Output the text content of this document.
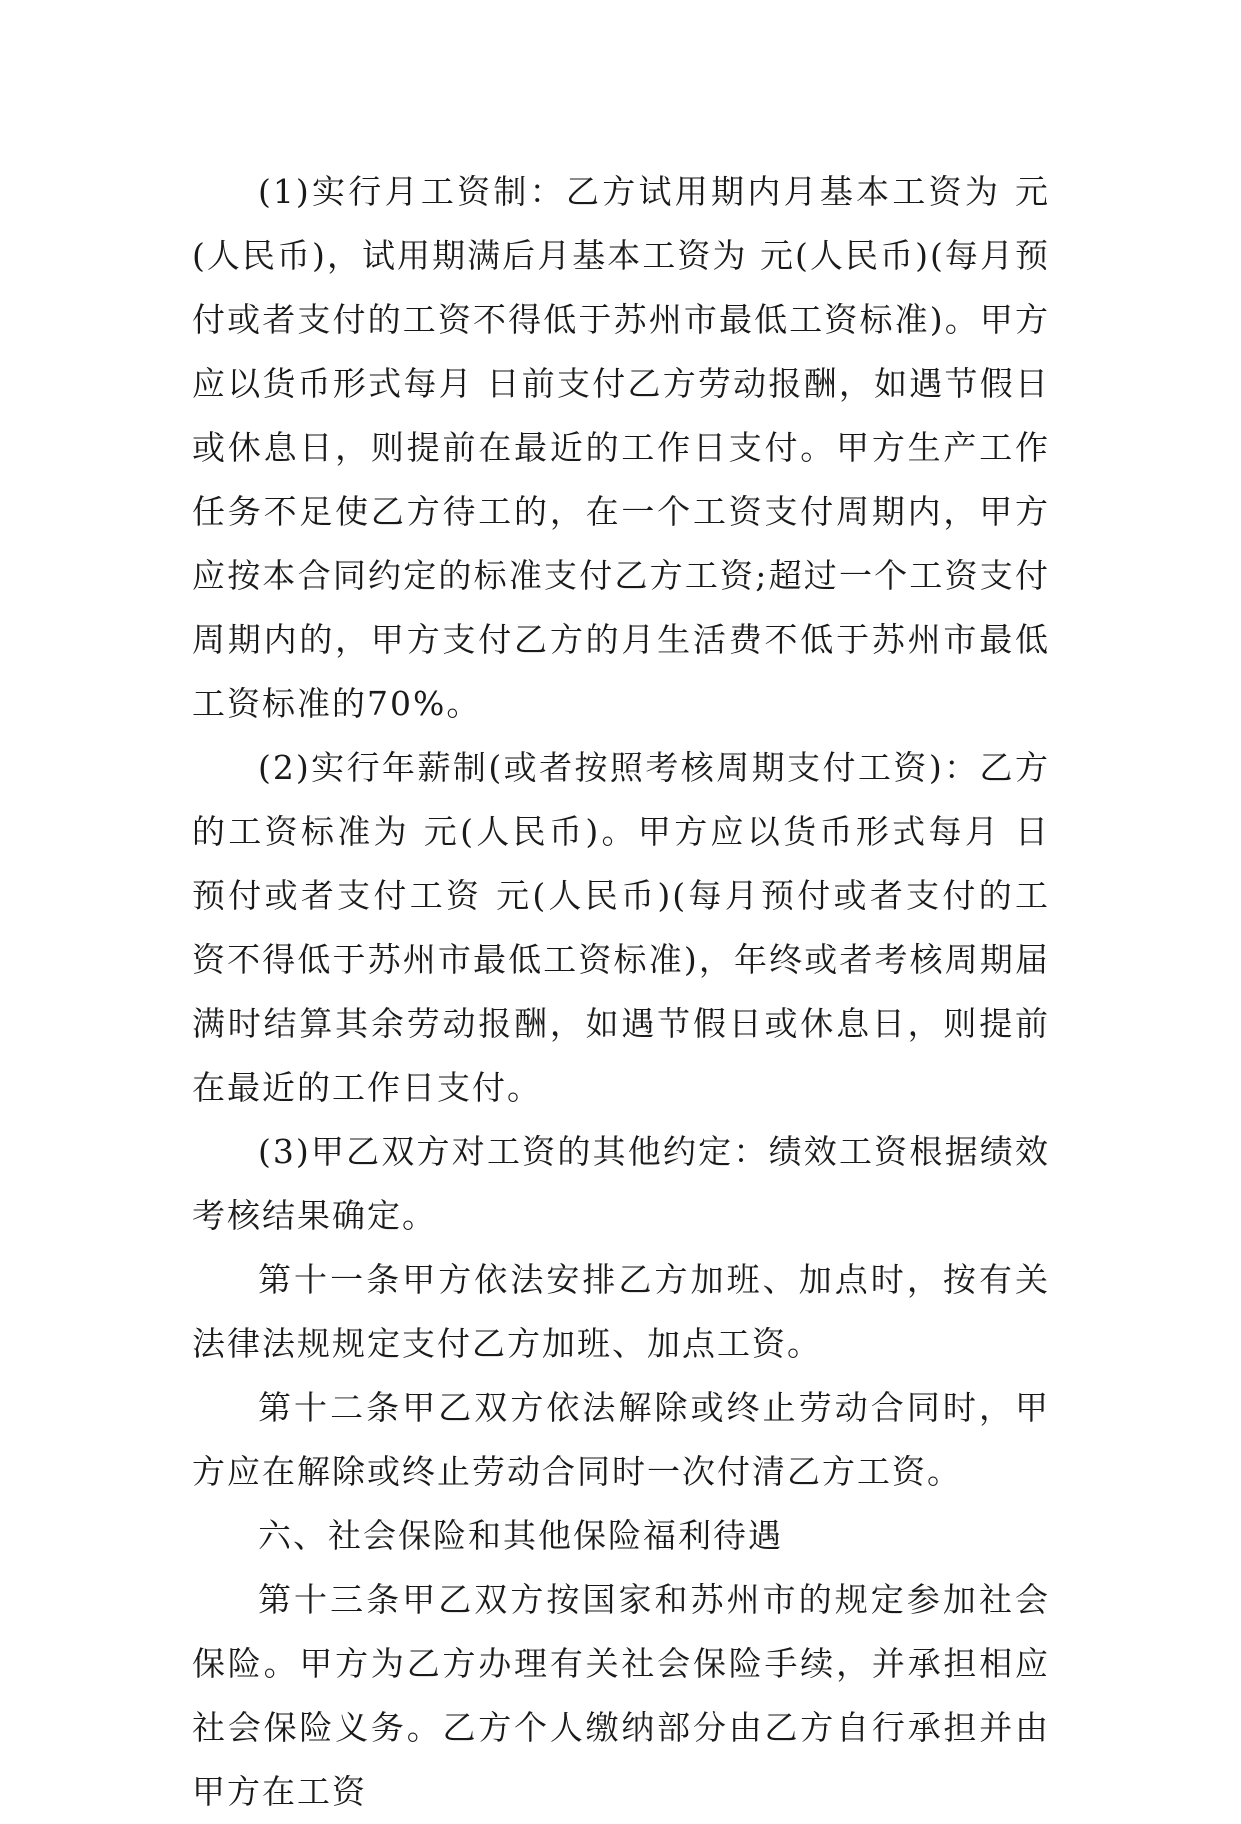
(1)实行月工资制：乙方试用期内月基本工资为 元(人民币)，试用期满后月基本工资为 元(人民币)(每月预付或者支付的工资不得低于苏州市最低工资标准)。甲方应以货币形式每月 日前支付乙方劳动报酬，如遇节假日或休息日，则提前在最近的工作日支付。甲方生产工作任务不足使乙方待工的，在一个工资支付周期内，甲方应按本合同约定的标准支付乙方工资;超过一个工资支付周期内的，甲方支付乙方的月生活费不低于苏州市最低工资标准的70%。

(2)实行年薪制(或者按照考核周期支付工资)：乙方的工资标准为 元(人民币)。甲方应以货币形式每月 日预付或者支付工资 元(人民币)(每月预付或者支付的工资不得低于苏州市最低工资标准)，年终或者考核周期届满时结算其余劳动报酬，如遇节假日或休息日，则提前在最近的工作日支付。

(3)甲乙双方对工资的其他约定：绩效工资根据绩效考核结果确定。

第十一条甲方依法安排乙方加班、加点时，按有关法律法规规定支付乙方加班、加点工资。

第十二条甲乙双方依法解除或终止劳动合同时，甲方应在解除或终止劳动合同时一次付清乙方工资。

六、社会保险和其他保险福利待遇

第十三条甲乙双方按国家和苏州市的规定参加社会保险。甲方为乙方办理有关社会保险手续，并承担相应社会保险义务。乙方个人缴纳部分由乙方自行承担并由甲方在工资
